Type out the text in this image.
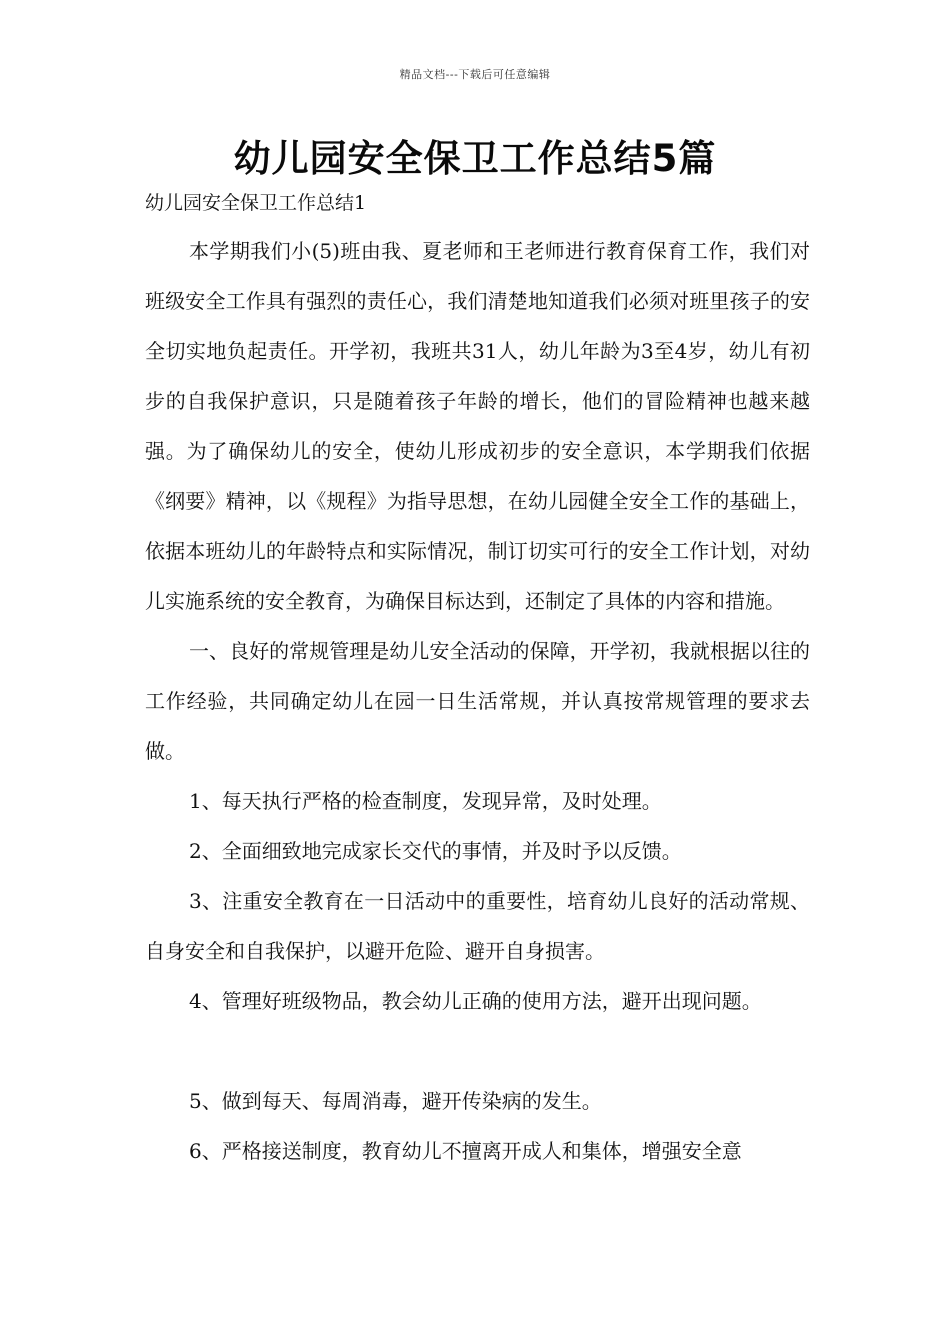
精品文档---下载后可任意编辑
幼儿园安全保卫工作总结5篇
幼儿园安全保卫工作总结1

本学期我们小(5)班由我、夏老师和王老师进行教育保育工作，我们对班级安全工作具有强烈的责任心，我们清楚地知道我们必须对班里孩子的安全切实地负起责任。开学初，我班共31人，幼儿年龄为3至4岁，幼儿有初步的自我保护意识，只是随着孩子年龄的增长，他们的冒险精神也越来越强。为了确保幼儿的安全，使幼儿形成初步的安全意识，本学期我们依据《纲要》精神，以《规程》为指导思想，在幼儿园健全安全工作的基础上，依据本班幼儿的年龄特点和实际情况，制订切实可行的安全工作计划，对幼儿实施系统的安全教育，为确保目标达到，还制定了具体的内容和措施。

一、良好的常规管理是幼儿安全活动的保障，开学初，我就根据以往的工作经验，共同确定幼儿在园一日生活常规，并认真按常规管理的要求去做。

1、每天执行严格的检查制度，发现异常，及时处理。

2、全面细致地完成家长交代的事情，并及时予以反馈。

3、注重安全教育在一日活动中的重要性，培育幼儿良好的活动常规、自身安全和自我保护，以避开危险、避开自身损害。

4、管理好班级物品，教会幼儿正确的使用方法，避开出现问题。

5、做到每天、每周消毒，避开传染病的发生。

6、严格接送制度，教育幼儿不擅离开成人和集体，增强安全意
